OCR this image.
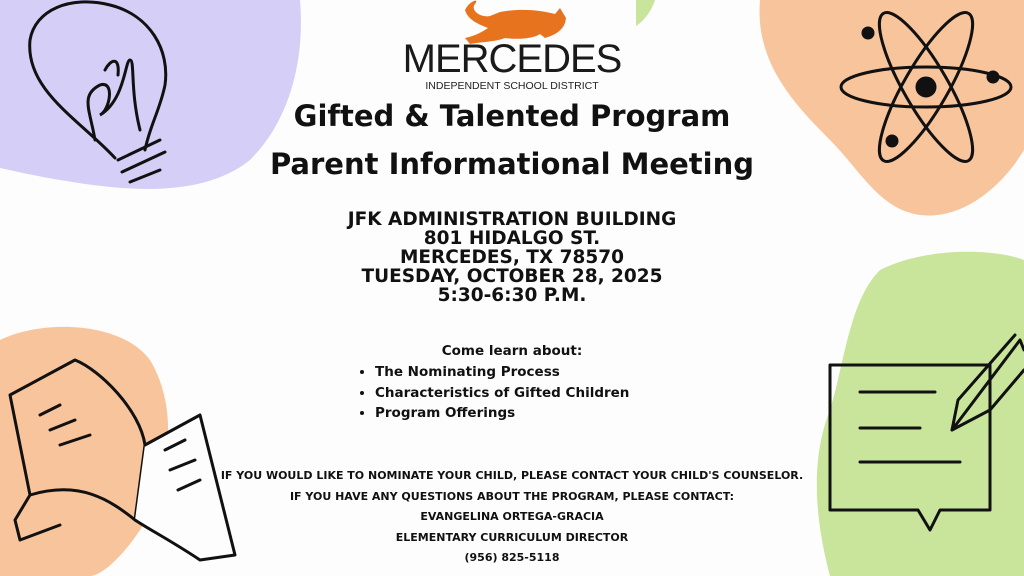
MERCEDES
INDEPENDENT SCHOOL DISTRICT
Gifted & Talented Program
Parent Informational Meeting
JFK ADMINISTRATION BUILDING
801 HIDALGO ST.
MERCEDES, TX 78570
TUESDAY, OCTOBER 28, 2025
5:30-6:30 P.M.
Come learn about:
• The Nominating Process
• Characteristics of Gifted Children
• Program Offerings
IF YOU WOULD LIKE TO NOMINATE YOUR CHILD, PLEASE CONTACT YOUR CHILD'S COUNSELOR.
IF YOU HAVE ANY QUESTIONS ABOUT THE PROGRAM, PLEASE CONTACT:
EVANGELINA ORTEGA-GRACIA
ELEMENTARY CURRICULUM DIRECTOR
(956) 825-5118
